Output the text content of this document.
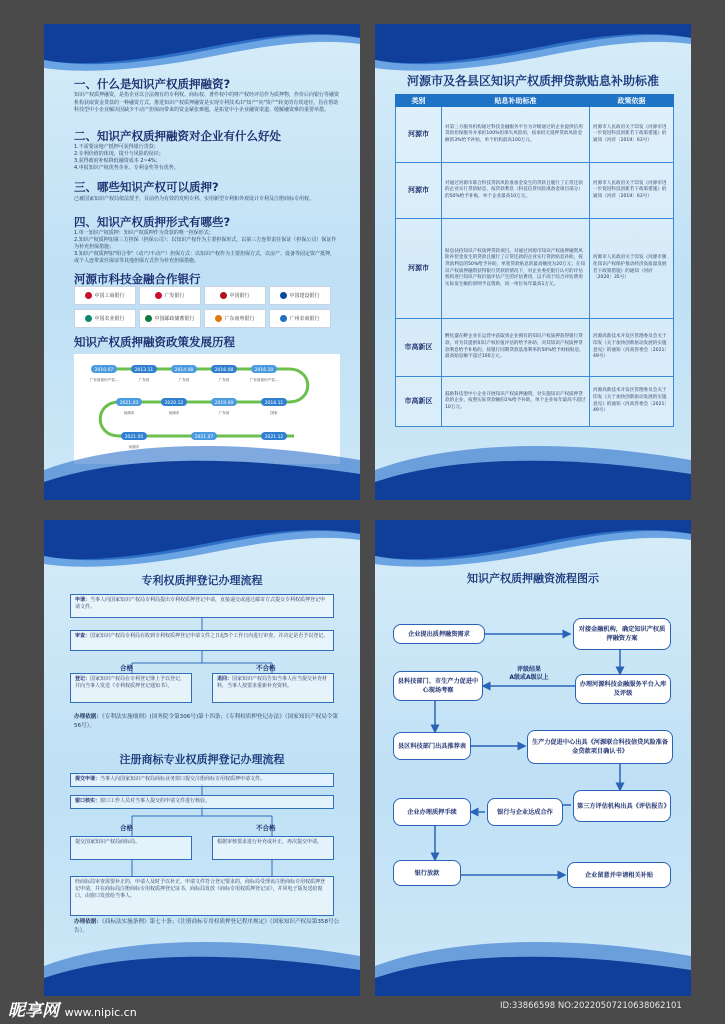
一、什么是知识产权质押融资?
知识产权质押融资，是指企业以合法拥有的专利权、商标权、著作权中的财产权经评估作为质押物，作价后向银行等融资机构获取资金贷款的一种融资方式。推进知识产权质押融资是实现专利技术由"知产"向"资产"转变的有效途径，旨在帮助科技型中小企业解决因缺少不动产担保而带来的资金紧张难题，是拓宽中小企业融资渠道、缓解融资难的重要举措。
二、知识产权质押融资对企业有什么好处
1.不需要房地产抵押可获得银行贷款；
2.专利价值的体现，提升与风险的误识；
3.获得政府补贴降低融资成本 2~4%；
4.申报知识产权优势企业、专利金奖等有优势。
三、哪些知识产权可以质押?
已被国家知识产权局依法授予，目前仍为有效的发明专利、实用新型专利和外观设计专利及注册商标专用权。
四、知识产权质押形式有哪些?
1.单一知识产权质押：知识产权质押作为贷款的唯一担保形式；
2.知识产权质押加第三方担保（担保公司）：以知识产权作为主要担保形式，以第三方连带责任保证（担保公司）保证作为补充担保措施；
3.知识产权质押加"组合拳"（动产/不动产）担保方式：以知识产权作为主要担保方式，以房产、设备等固定资产抵押，或个人连带责任保证等其他担保方式作为补充担保措施。
河源市科技金融合作银行
中国工商银行	广发银行	中国银行	中国建设银行
中国农业银行	中国邮政储蓄银行	广东南粤银行	广州农商银行
知识产权质押融资政策发展历程
2010.07
广东省知识产权...
2013.11
广东省
2014.08
广东省
2016.08
广东省
2016.10
广东省知识产权...
2018.11
国家
2019.09
广东省
2020.12
河源市
2021.03
河源市
2021.05
河源市
2021.07	2021.12
河源市及各县区知识产权质押贷款贴息补助标准
类别	贴息补助标准	政策依据
河源市	对第三方服务机构通过科技金融服务平台为评级通过的企业提供信用贷款担保服务并承担100%担保失风险的，按承担无抵押贷款风险金额的3%给予补贴，单个机构最高100万元。	河源市人民政府关于印发《河源市进一步促进科技创新若干政策措施》的通知（河府〔2019〕63号）
河源市	对通过河源市联合科技贷款风险准备金发生的贷款且履行了正常还款的企业实行贷款贴息，按贷款利息（科技信贷风险准备金项目部分）的50%给予补贴，单个企业最高10万元。	河源市人民政府关于印发《河源市进一步促进科技创新若干政策措施》的通知（河府〔2019〕63号）
河源市	贴息扶持知识产权质押贷款项目。对通过河源市知识产权质押融资风险补偿金发生的贷款且履行了正常还款的企业实行贷款贴息补助，按贷款利息的50%给予补助，单笔贷款贴息的最高额度为20万元；在知识产权质押融资获得银行贷款的情况下，对企业委托银行认可的评估机构进行知识产权价值评估产生的评估费用，以不高于综合评估费用实际发生额的原则予以资助，同一单位每年最高1万元。	河源市人民政府关于印发《河源市强化知识产权保护推动经济高质量发展若干政策措施》的通知（河府〔2020〕35号）
市高新区	孵化器在孵企业在运营中获取到企业拥有的知识产权质押获得银行贷款，对为其提供知识产权价值评估的给予补助，对其知识产权质押贷款利息给予补贴的，按银行同期贷款基准利率的50%给予财政贴息，最高贴息额不超过100万元。	河源高新技术开发区管理委员会关于印发《关于加快创新驱动发展的实施意见》的通知（河高管委会〔2021〕49号）
市高新区	鼓励科技型中小企业开展知识产权质押融资，对实施知识产权质押贷款的企业，按照实际贷款额的2%给予补助，单个企业每年最高不超过10万元。	河源高新技术开发区管理委员会关于印发《关于加快创新驱动发展的实施意见》的通知（河高管委会〔2021〕49号）
专利权质押登记办理流程
申请：当事人向国家知识产权局专利局提出专利权质押登记申请，直接递交或通过邮寄方式提交专利权质押登记申请文件。
审查：国家知识产权局专利局在收到专利权质押登记申请文件之日起5个工作日内进行审查，并决定是否予以登记。
合格	不合格
登记：国家知识产权局在专利登记簿上予以登记，并向当事人发送《专利权质押登记通知书》。
退回：国家知识产权局告知当事人应当提交补充材料，当事人按要求重新补充资料。
办理依据：《专利法实施细则》(国务院令第306号)第十四条；《专利权质押登记办法》（国家知识产权局令第56号）。
注册商标专业权质押登记办理流程
提交申请：当事人向国家知识产权局商标业务窗口提交注册商标专用权质押申请文件。
窗口核实：窗口工作人员对当事人提交的申请文件进行核验。
合格	不合格
提交国家知识产权局商标局。	根据审核要求进行补充或补正，再次提交申请。
经商标局审查需要补正的，申请人及时予以补正。申请文件符合登记要求的，商标局受理该注册商标专用权质押登记申请，并在商标局注册商标专用权质押登记证书，商标局发放《商标专用权质押登记证》，并同电子版发送给窗口，由窗口发放给当事人。
办理依据：《商标法实施条例》第七十条；《注册商标专用权质押登记程序规定》（国家知识产权局第358号公告）。
知识产权质押融资流程图示
企业提出质押融资需求
对接金融机构，确定知识产权质押融资方案
办理河源科技金融服务平台入库及评级
评级结果
A级或A级以上
县科技部门、市生产力促进中心现场考察
县区科技部门出具推荐表	生产力促进中心出具《河源联合科技信贷风险准备金贷款项目确认书》
企业办理质押手续	银行与企业达成合作
第三方评估机构出具《评估报告》
银行放款	企业留意并申请相关补贴
昵享网 www.nipic.cn	ID:33866598 NO:20220507210638062101
